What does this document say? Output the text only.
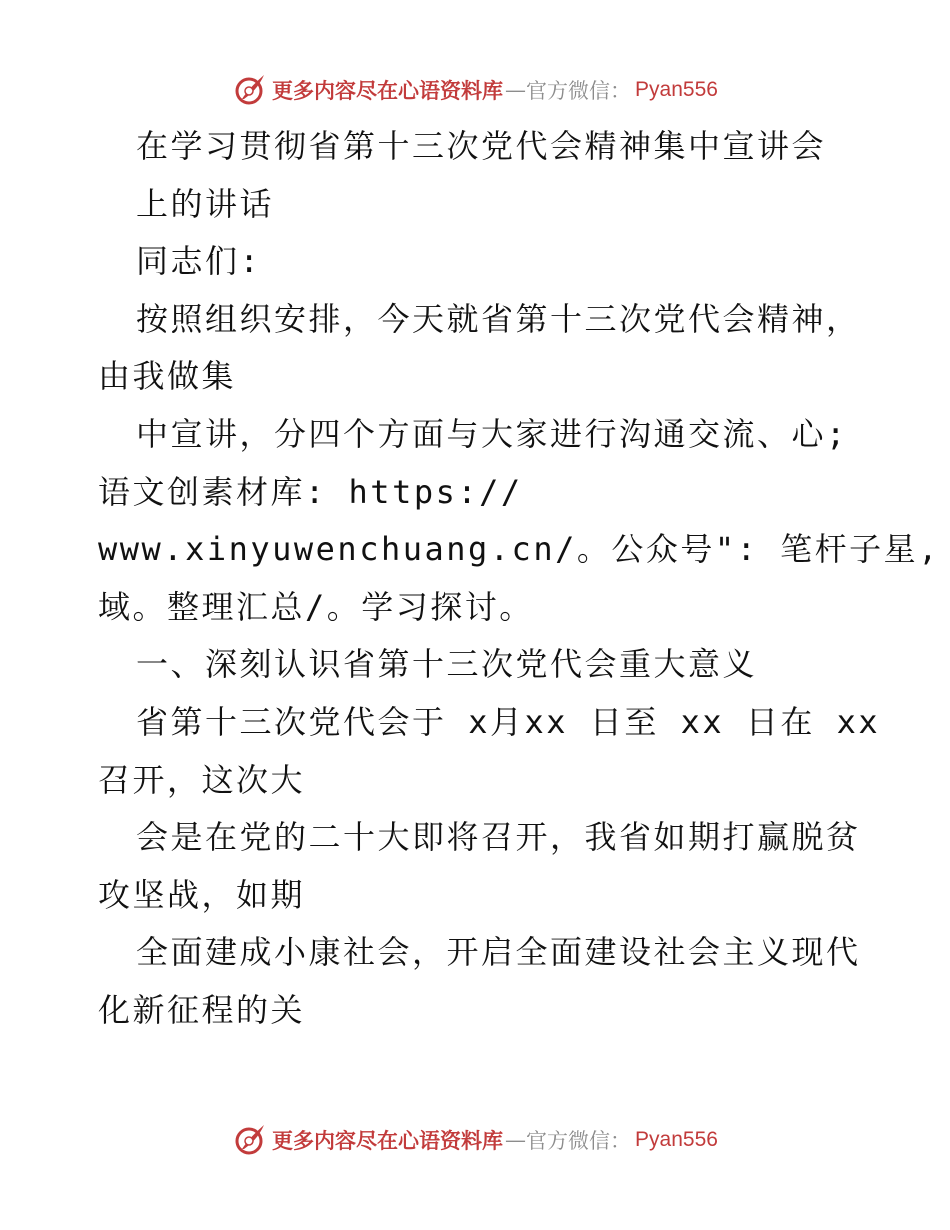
更多内容尽在心语资料库 — 官方微信： Pyan556
在学习贯彻省第十三次党代会精神集中宣讲会
上的讲话
同志们:
按照组织安排，今天就省第十三次党代会精神，
由我做集
中宣讲，分四个方面与大家进行沟通交流、心;
语文创素材库: https://
www.xinyuwenchuang.cn/。公众号": 笔杆子星,
域。整理汇总/。学习探讨。
一、深刻认识省第十三次党代会重大意义
省第十三次党代会于 x月xx 日至 xx 日在 xx
召开，这次大
会是在党的二十大即将召开，我省如期打赢脱贫
攻坚战，如期
全面建成小康社会，开启全面建设社会主义现代
化新征程的关
更多内容尽在心语资料库 — 官方微信： Pyan556
